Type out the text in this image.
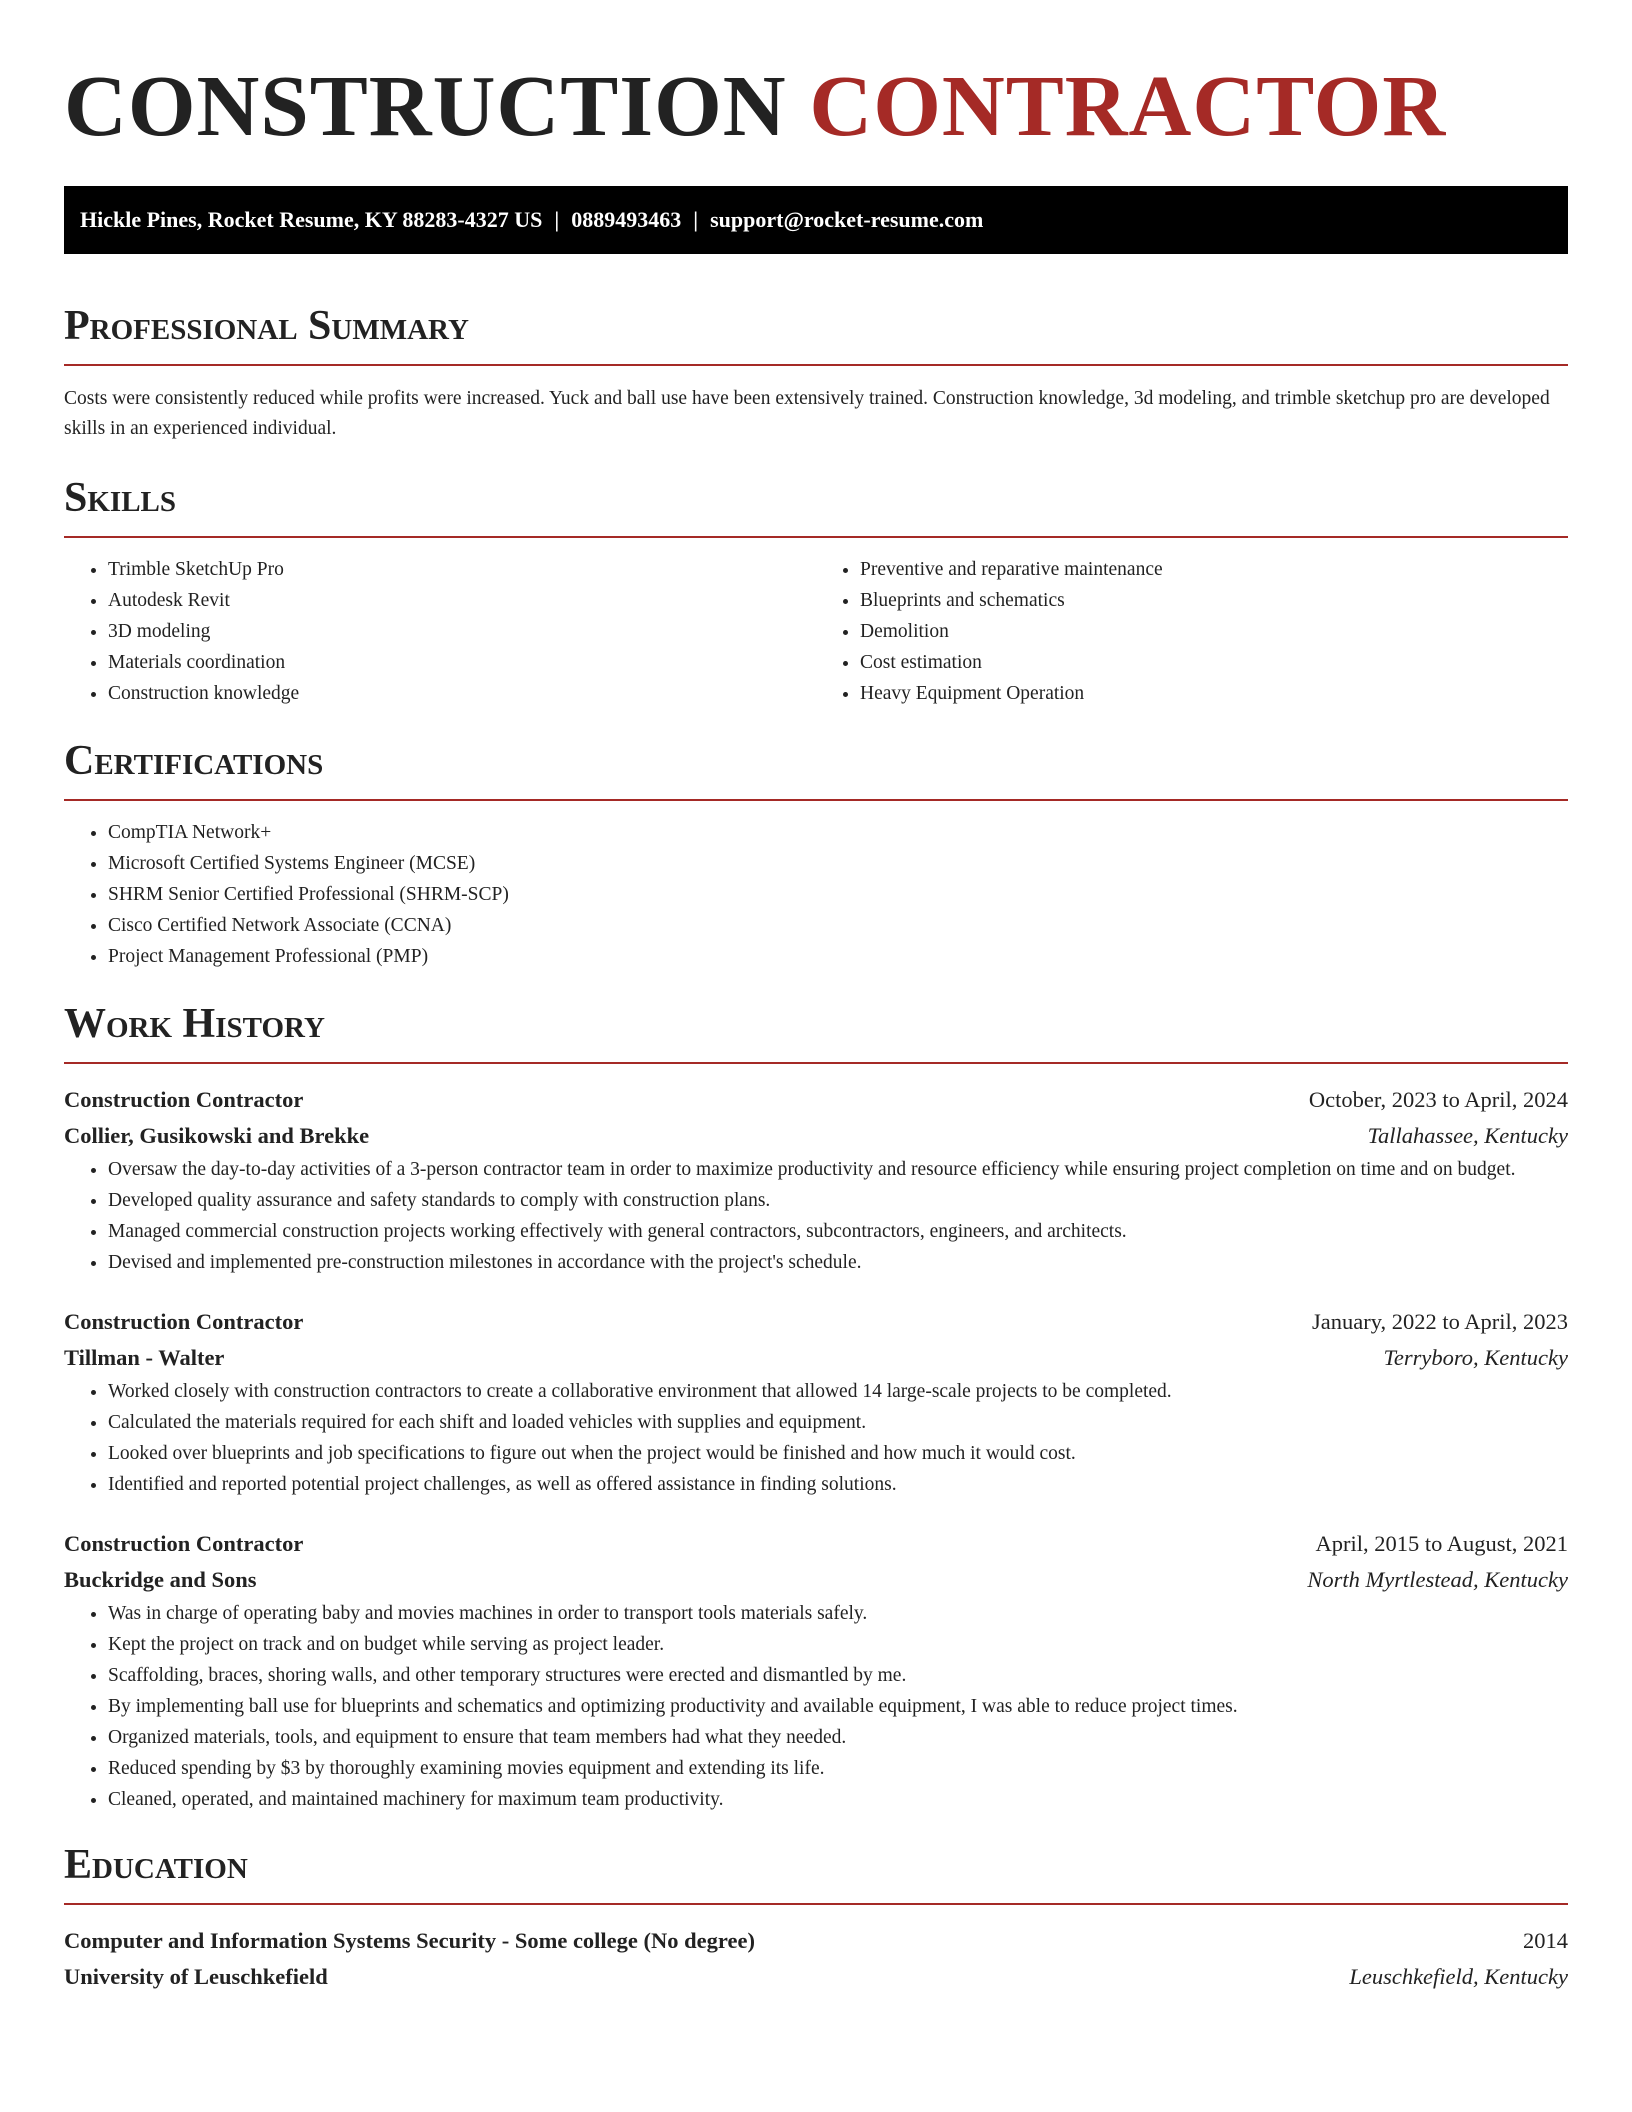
CONSTRUCTION CONTRACTOR
Hickle Pines, Rocket Resume, KY 88283-4327 US | 0889493463 | support@rocket-resume.com
Professional Summary
Costs were consistently reduced while profits were increased. Yuck and ball use have been extensively trained. Construction knowledge, 3d modeling, and trimble sketchup pro are developed skills in an experienced individual.
Skills
• Trimble SketchUp Pro
• Autodesk Revit
• 3D modeling
• Materials coordination
• Construction knowledge
• Preventive and reparative maintenance
• Blueprints and schematics
• Demolition
• Cost estimation
• Heavy Equipment Operation
Certifications
• CompTIA Network+
• Microsoft Certified Systems Engineer (MCSE)
• SHRM Senior Certified Professional (SHRM-SCP)
• Cisco Certified Network Associate (CCNA)
• Project Management Professional (PMP)
Work History
Construction Contractor	October, 2023 to April, 2024
Collier, Gusikowski and Brekke	Tallahassee, Kentucky
• Oversaw the day-to-day activities of a 3-person contractor team in order to maximize productivity and resource efficiency while ensuring project completion on time and on budget.
• Developed quality assurance and safety standards to comply with construction plans.
• Managed commercial construction projects working effectively with general contractors, subcontractors, engineers, and architects.
• Devised and implemented pre-construction milestones in accordance with the project's schedule.
Construction Contractor	January, 2022 to April, 2023
Tillman - Walter	Terryboro, Kentucky
• Worked closely with construction contractors to create a collaborative environment that allowed 14 large-scale projects to be completed.
• Calculated the materials required for each shift and loaded vehicles with supplies and equipment.
• Looked over blueprints and job specifications to figure out when the project would be finished and how much it would cost.
• Identified and reported potential project challenges, as well as offered assistance in finding solutions.
Construction Contractor	April, 2015 to August, 2021
Buckridge and Sons	North Myrtlestead, Kentucky
• Was in charge of operating baby and movies machines in order to transport tools materials safely.
• Kept the project on track and on budget while serving as project leader.
• Scaffolding, braces, shoring walls, and other temporary structures were erected and dismantled by me.
• By implementing ball use for blueprints and schematics and optimizing productivity and available equipment, I was able to reduce project times.
• Organized materials, tools, and equipment to ensure that team members had what they needed.
• Reduced spending by $3 by thoroughly examining movies equipment and extending its life.
• Cleaned, operated, and maintained machinery for maximum team productivity.
Education
Computer and Information Systems Security - Some college (No degree)	2014
University of Leuschkefield	Leuschkefield, Kentucky
